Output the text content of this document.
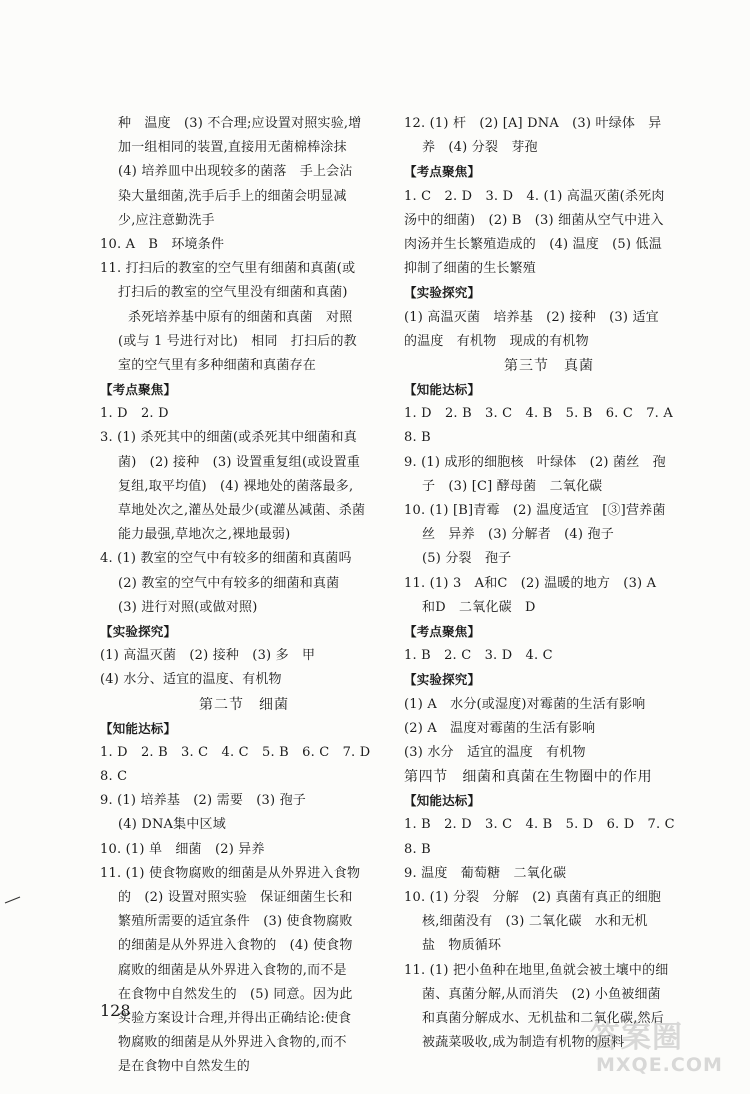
种　温度　(3) 不合理;应设置对照实验,增
加一组相同的装置,直接用无菌棉棒涂抹
(4) 培养皿中出现较多的菌落　手上会沾
染大量细菌,洗手后手上的细菌会明显减
少,应注意勤洗手
10. A　B　环境条件
11. 打扫后的教室的空气里有细菌和真菌(或
打扫后的教室的空气里没有细菌和真菌)
杀死培养基中原有的细菌和真菌　对照
(或与 1 号进行对比)　相同　打扫后的教
室的空气里有多种细菌和真菌存在
【考点聚焦】
1. D　2. D
3. (1) 杀死其中的细菌(或杀死其中细菌和真
菌)　(2) 接种　(3) 设置重复组(或设置重
复组,取平均值)　(4) 裸地处的菌落最多,
草地处次之,灌丛处最少(或灌丛减菌、杀菌
能力最强,草地次之,裸地最弱)
4. (1) 教室的空气中有较多的细菌和真菌吗
(2) 教室的空气中有较多的细菌和真菌
(3) 进行对照(或做对照)
【实验探究】
(1) 高温灭菌　(2) 接种　(3) 多　甲
(4) 水分、适宜的温度、有机物
第二节　细菌
【知能达标】
1. D　2. B　3. C　4. C　5. B　6. C　7. D
8. C
9. (1) 培养基　(2) 需要　(3) 孢子
(4) DNA集中区域
10. (1) 单　细菌　(2) 异养
11. (1) 使食物腐败的细菌是从外界进入食物
的　(2) 设置对照实验　保证细菌生长和
繁殖所需要的适宜条件　(3) 使食物腐败
的细菌是从外界进入食物的　(4) 使食物
腐败的细菌是从外界进入食物的,而不是
在食物中自然发生的　(5) 同意。因为此
实验方案设计合理,并得出正确结论:使食
物腐败的细菌是从外界进入食物的,而不
是在食物中自然发生的
12. (1) 杆　(2) [A] DNA　(3) 叶绿体　异
养　(4) 分裂　芽孢
【考点聚焦】
1. C　2. D　3. D　4. (1) 高温灭菌(杀死肉
汤中的细菌)　(2) B　(3) 细菌从空气中进入
肉汤并生长繁殖造成的　(4) 温度　(5) 低温
抑制了细菌的生长繁殖
【实验探究】
(1) 高温灭菌　培养基　(2) 接种　(3) 适宜
的温度　有机物　现成的有机物
第三节　真菌
【知能达标】
1. D　2. B　3. C　4. B　5. B　6. C　7. A
8. B
9. (1) 成形的细胞核　叶绿体　(2) 菌丝　孢
子　(3) [C] 酵母菌　二氧化碳
10. (1) [B]青霉　(2) 温度适宜　[③]营养菌
丝　异养　(3) 分解者　(4) 孢子
(5) 分裂　孢子
11. (1) 3　A和C　(2) 温暖的地方　(3) A
和D　二氧化碳　D
【考点聚焦】
1. B　2. C　3. D　4. C
【实验探究】
(1) A　水分(或湿度)对霉菌的生活有影响
(2) A　温度对霉菌的生活有影响
(3) 水分　适宜的温度　有机物
第四节　细菌和真菌在生物圈中的作用
【知能达标】
1. B　2. D　3. C　4. B　5. D　6. D　7. C
8. B
9. 温度　葡萄糖　二氧化碳
10. (1) 分裂　分解　(2) 真菌有真正的细胞
核,细菌没有　(3) 二氧化碳　水和无机
盐　物质循环
11. (1) 把小鱼种在地里,鱼就会被土壤中的细
菌、真菌分解,从而消失　(2) 小鱼被细菌
和真菌分解成水、无机盐和二氧化碳,然后
被蔬菜吸收,成为制造有机物的原料
128
答案圈
MXQE.COM
